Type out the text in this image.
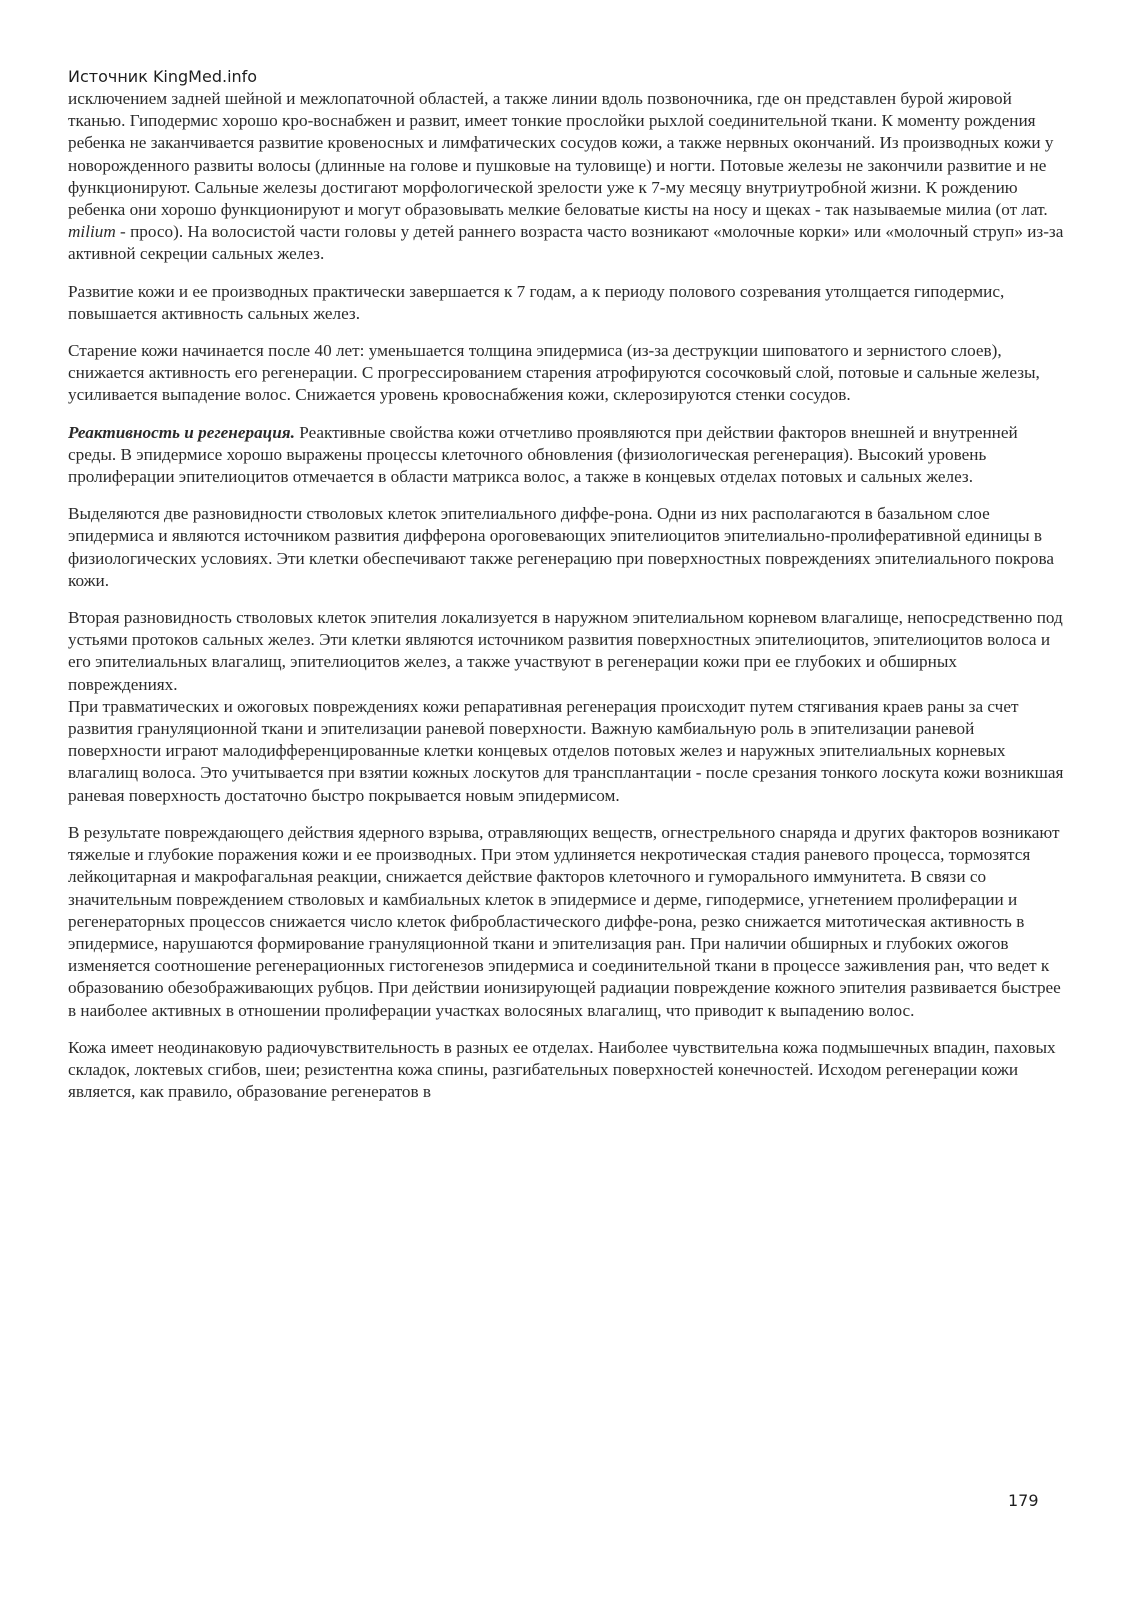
Источник KingMed.info

исключением задней шейной и межлопаточной областей, а также линии вдоль позвоночника, где он представлен бурой жировой тканью. Гиподермис хорошо кро-воснабжен и развит, имеет тонкие прослойки рыхлой соединительной ткани. К моменту рождения ребенка не заканчивается развитие кровеносных и лимфатических сосудов кожи, а также нервных окончаний. Из производных кожи у новорожденного развиты волосы (длинные на голове и пушковые на туловище) и ногти. Потовые железы не закончили развитие и не функционируют. Сальные железы достигают морфологической зрелости уже к 7-му месяцу внутриутробной жизни. К рождению ребенка они хорошо функционируют и могут образовывать мелкие беловатые кисты на носу и щеках - так называемые милиа (от лат. milium - просо). На волосистой части головы у детей раннего возраста часто возникают «молочные корки» или «молочный струп» из-за активной секреции сальных желез.

Развитие кожи и ее производных практически завершается к 7 годам, а к периоду полового созревания утолщается гиподермис, повышается активность сальных желез.

Старение кожи начинается после 40 лет: уменьшается толщина эпидермиса (из-за деструкции шиповатого и зернистого слоев), снижается активность его регенерации. С прогрессированием старения атрофируются сосочковый слой, потовые и сальные железы, усиливается выпадение волос. Снижается уровень кровоснабжения кожи, склерозируются стенки сосудов.

Реактивность и регенерация. Реактивные свойства кожи отчетливо проявляются при действии факторов внешней и внутренней среды. В эпидермисе хорошо выражены процессы клеточного обновления (физиологическая регенерация). Высокий уровень пролиферации эпителиоцитов отмечается в области матрикса волос, а также в концевых отделах потовых и сальных желез.

Выделяются две разновидности стволовых клеток эпителиального диффе-рона. Одни из них располагаются в базальном слое эпидермиса и являются источником развития дифферона ороговевающих эпителиоцитов эпителиально-пролиферативной единицы в физиологических условиях. Эти клетки обеспечивают также регенерацию при поверхностных повреждениях эпителиального покрова кожи.

Вторая разновидность стволовых клеток эпителия локализуется в наружном эпителиальном корневом влагалище, непосредственно под устьями протоков сальных желез. Эти клетки являются источником развития поверхностных эпителиоцитов, эпителиоцитов волоса и его эпителиальных влагалищ, эпителиоцитов желез, а также участвуют в регенерации кожи при ее глубоких и обширных повреждениях.

При травматических и ожоговых повреждениях кожи репаративная регенерация происходит путем стягивания краев раны за счет развития грануляционной ткани и эпителизации раневой поверхности. Важную камбиальную роль в эпителизации раневой поверхности играют малодифференцированные клетки концевых отделов потовых желез и наружных эпителиальных корневых влагалищ волоса. Это учитывается при взятии кожных лоскутов для трансплантации - после срезания тонкого лоскута кожи возникшая раневая поверхность достаточно быстро покрывается новым эпидермисом.

В результате повреждающего действия ядерного взрыва, отравляющих веществ, огнестрельного снаряда и других факторов возникают тяжелые и глубокие поражения кожи и ее производных. При этом удлиняется некротическая стадия раневого процесса, тормозятся лейкоцитарная и макрофагальная реакции, снижается действие факторов клеточного и гуморального иммунитета. В связи со значительным повреждением стволовых и камбиальных клеток в эпидермисе и дерме, гиподермисе, угнетением пролиферации и регенераторных процессов снижается число клеток фибробластического диффе-рона, резко снижается митотическая активность в эпидермисе, нарушаются формирование грануляционной ткани и эпителизация ран. При наличии обширных и глубоких ожогов изменяется соотношение регенерационных гистогенезов эпидермиса и соединительной ткани в процессе заживления ран, что ведет к образованию обезображивающих рубцов. При действии ионизирующей радиации повреждение кожного эпителия развивается быстрее в наиболее активных в отношении пролиферации участках волосяных влагалищ, что приводит к выпадению волос.

Кожа имеет неодинаковую радиочувствительность в разных ее отделах. Наиболее чувствительна кожа подмышечных впадин, паховых складок, локтевых сгибов, шеи; резистентна кожа спины, разгибательных поверхностей конечностей. Исходом регенерации кожи является, как правило, образование регенератов в

179
